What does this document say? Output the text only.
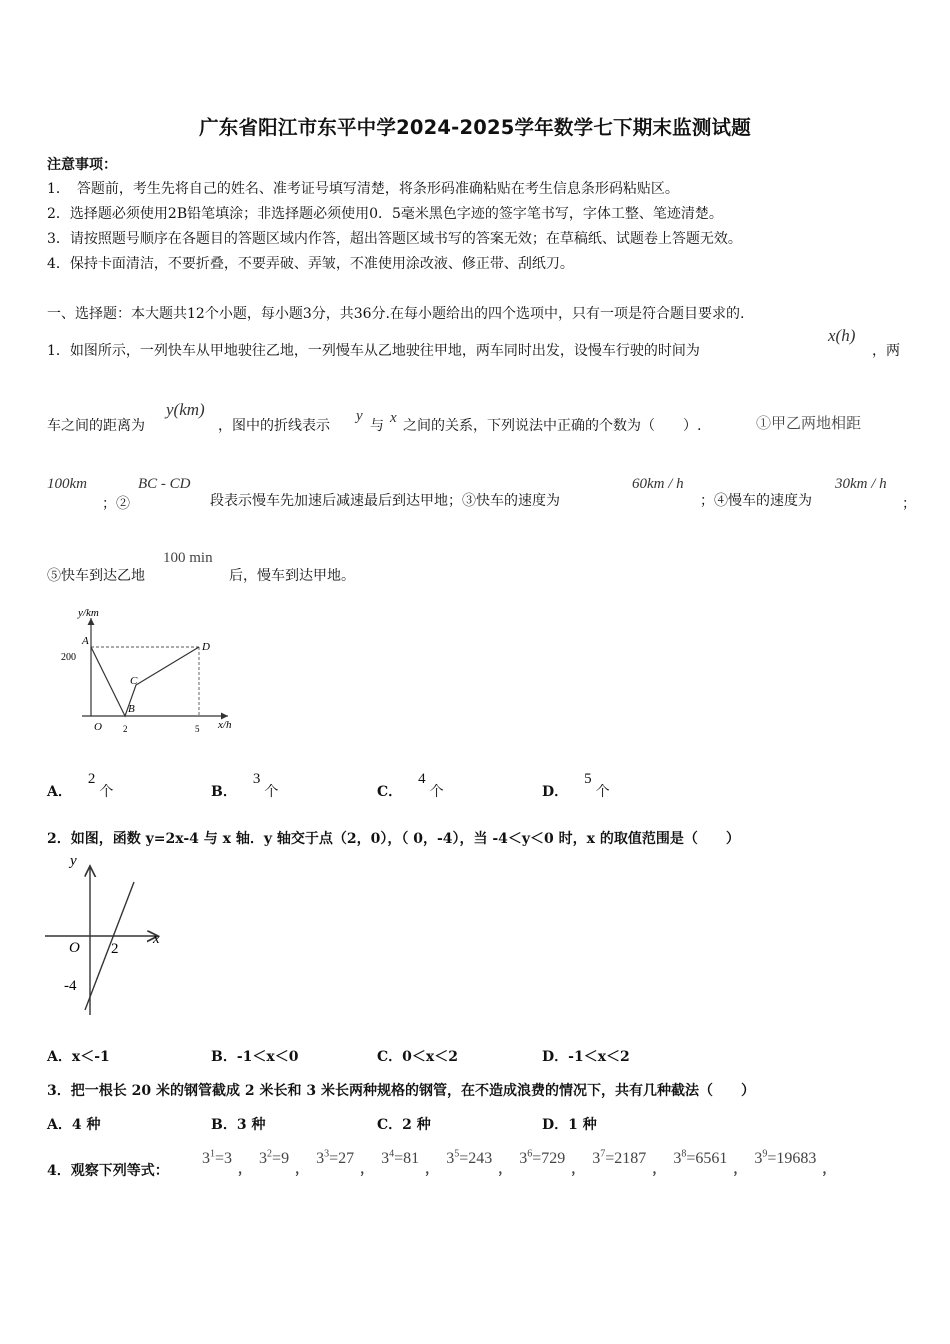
广东省阳江市东平中学2024-2025学年数学七下期末监测试题
注意事项：
1．　答题前，考生先将自己的姓名、准考证号填写清楚，将条形码准确粘贴在考生信息条形码粘贴区。
2．选择题必须使用2B铅笔填涂；非选择题必须使用0．5毫米黑色字迹的签字笔书写，字体工整、笔迹清楚。
3．请按照题号顺序在各题目的答题区域内作答，超出答题区域书写的答案无效；在草稿纸、试题卷上答题无效。
4．保持卡面清洁，不要折叠，不要弄破、弄皱，不准使用涂改液、修正带、刮纸刀。
一、选择题：本大题共12个小题，每小题3分，共36分.在每小题给出的四个选项中，只有一项是符合题目要求的.
1．如图所示，一列快车从甲地驶往乙地，一列慢车从乙地驶往甲地，两车同时出发，设慢车行驶的时间为
x(h)
，两
车之间的距离为
y(km)
，图中的折线表示
y
与 x 之间的关系，下列说法中正确的个数为（　　）.	①甲乙两地相距
100km
；②
BC - CD
段表示慢车先加速后减速最后到达甲地；③快车的速度为
60km / h
；④慢车的速度为
30km / h
；
⑤快车到达乙地
100 min
后，慢车到达甲地。
y/km
x/h
A
200
B
C
D
O 2	5
A．2个	B．3个	C．4个	D．5个
2．如图，函数 y=2x-4 与 x 轴．y 轴交于点（2，0），（ 0，-4），当 -4＜y＜0 时，x 的取值范围是（　　）
y
x
O 2
-4
A．x＜-1	B．-1＜x＜0	C．0＜x＜2	D．-1＜x＜2
3．把一根长 20 米的钢管截成 2 米长和 3 米长两种规格的钢管，在不造成浪费的情况下，共有几种截法（　　）
A．4 种	B．3 种	C．2 种	D．1 种
4．观察下列等式：
$3^1=3_,3^2=9_,3^3=27_,3^4=81_,3^5=243_,3^6=729_,3^7=2187_,3^8=6561_,3^9=19683_,$
